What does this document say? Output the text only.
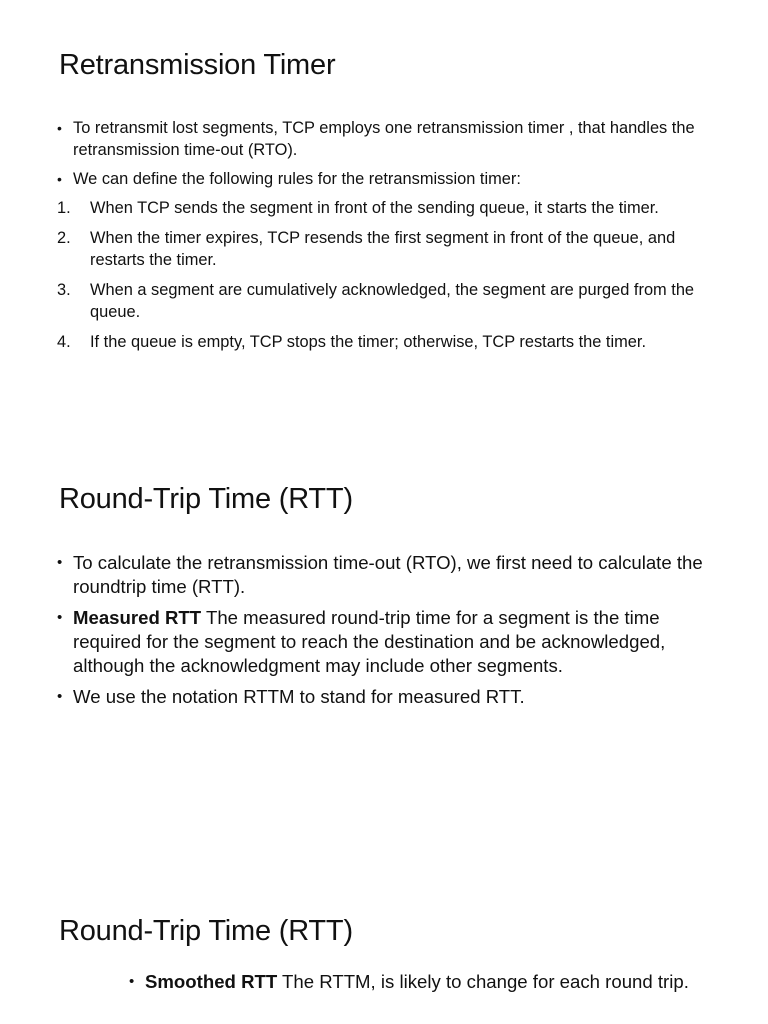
Retransmission Timer
• To retransmit lost segments, TCP employs one retransmission timer , that handles the retransmission time-out (RTO).
• We can define the following rules for the retransmission timer:
1. When TCP sends the segment in front of the sending queue, it starts the timer.
2. When the timer expires, TCP resends the first segment in front of the queue, and restarts the timer.
3. When a segment are cumulatively acknowledged, the segment are purged from the queue.
4. If the queue is empty, TCP stops the timer; otherwise, TCP restarts the timer.
Round-Trip Time (RTT)
• To calculate the retransmission time-out (RTO), we first need to calculate the roundtrip time (RTT).
• Measured RTT The measured round-trip time for a segment is the time required for the segment to reach the destination and be acknowledged, although the acknowledgment may include other segments.
• We use the notation RTTM to stand for measured RTT.
Round-Trip Time (RTT)
• Smoothed RTT The RTTM, is likely to change for each round trip.
